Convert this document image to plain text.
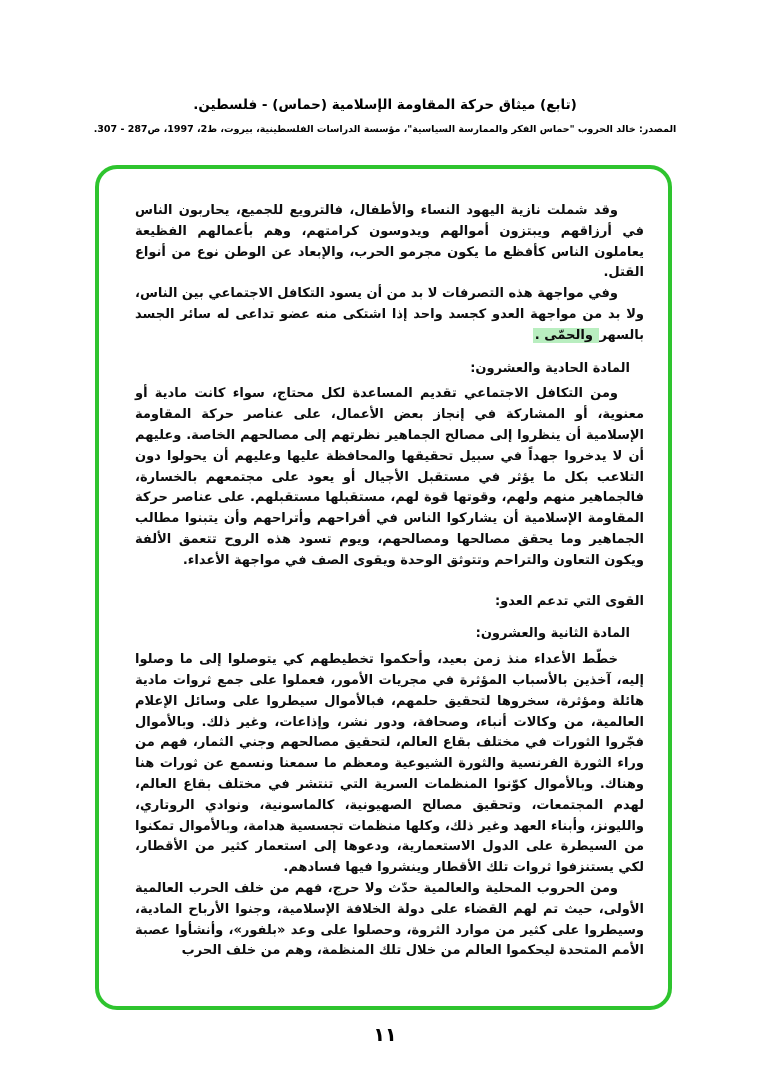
(تابع) ميثاق حركة المقاومة الإسلامية (حماس) - فلسطين.
المصدر: خالد الحروب "حماس الفكر والممارسة السياسية"، مؤسسة الدراسات الفلسطينية، بيروت، ط2، 1997، ص287 - 307.

وقد شملت نازية اليهود النساء والأطفال، فالترويع للجميع، يحاربون الناس في أرزاقهم ويبتزون أموالهم ويدوسون كرامتهم، وهم بأعمالهم الفظيعة يعاملون الناس كأفظع ما يكون مجرمو الحرب، والإبعاد عن الوطن نوع من أنواع القتل.

وفي مواجهة هذه التصرفات لا بد من أن يسود التكافل الاجتماعي بين الناس، ولا بد من مواجهة العدو كجسد واحد إذا اشتكى منه عضو تداعى له سائر الجسد بالسهر والحمّى .

المادة الحادية والعشرون:

ومن التكافل الاجتماعي تقديم المساعدة لكل محتاج، سواء كانت مادية أو معنوية، أو المشاركة في إنجاز بعض الأعمال، على عناصر حركة المقاومة الإسلامية أن ينظروا إلى مصالح الجماهير نظرتهم إلى مصالحهم الخاصة. وعليهم أن لا يدخروا جهداً في سبيل تحقيقها والمحافظة عليها وعليهم أن يحولوا دون التلاعب بكل ما يؤثر في مستقبل الأجيال أو يعود على مجتمعهم بالخسارة، فالجماهير منهم ولهم، وقوتها قوة لهم، مستقبلها مستقبلهم. على عناصر حركة المقاومة الإسلامية أن يشاركوا الناس في أفراحهم وأتراحهم وأن يتبنوا مطالب الجماهير وما يحقق مصالحها ومصالحهم، ويوم تسود هذه الروح تتعمق الألفة ويكون التعاون والتراحم وتتوثق الوحدة ويقوى الصف في مواجهة الأعداء.

القوى التي تدعم العدو:
المادة الثانية والعشرون:

خطّط الأعداء منذ زمن بعيد، وأحكموا تخطيطهم كي يتوصلوا إلى ما وصلوا إليه، آخذين بالأسباب المؤثرة في مجريات الأمور، فعملوا على جمع ثروات مادية هائلة ومؤثرة، سخروها لتحقيق حلمهم، فبالأموال سيطروا على وسائل الإعلام العالمية، من وكالات أنباء، وصحافة، ودور نشر، وإذاعات، وغير ذلك. وبالأموال فجّروا الثورات في مختلف بقاع العالم، لتحقيق مصالحهم وجني الثمار، فهم من وراء الثورة الفرنسية والثورة الشيوعية ومعظم ما سمعنا ونسمع عن ثورات هنا وهناك. وبالأموال كوّنوا المنظمات السرية التي تنتشر في مختلف بقاع العالم، لهدم المجتمعات، وتحقيق مصالح الصهيونية، كالماسونية، ونوادي الروتاري، والليونز، وأبناء العهد وغير ذلك، وكلها منظمات تجسسية هدامة، وبالأموال تمكنوا من السيطرة على الدول الاستعمارية، ودعوها إلى استعمار كثير من الأقطار، لكي يستنزفوا ثروات تلك الأقطار وينشروا فيها فسادهم.

ومن الحروب المحلية والعالمية حدّث ولا حرج، فهم من خلف الحرب العالمية الأولى، حيث تم لهم القضاء على دولة الخلافة الإسلامية، وجنوا الأرباح المادية، وسيطروا على كثير من موارد الثروة، وحصلوا على وعد «بلفور»، وأنشأوا عصبة الأمم المتحدة ليحكموا العالم من خلال تلك المنظمة، وهم من خلف الحرب

١١
